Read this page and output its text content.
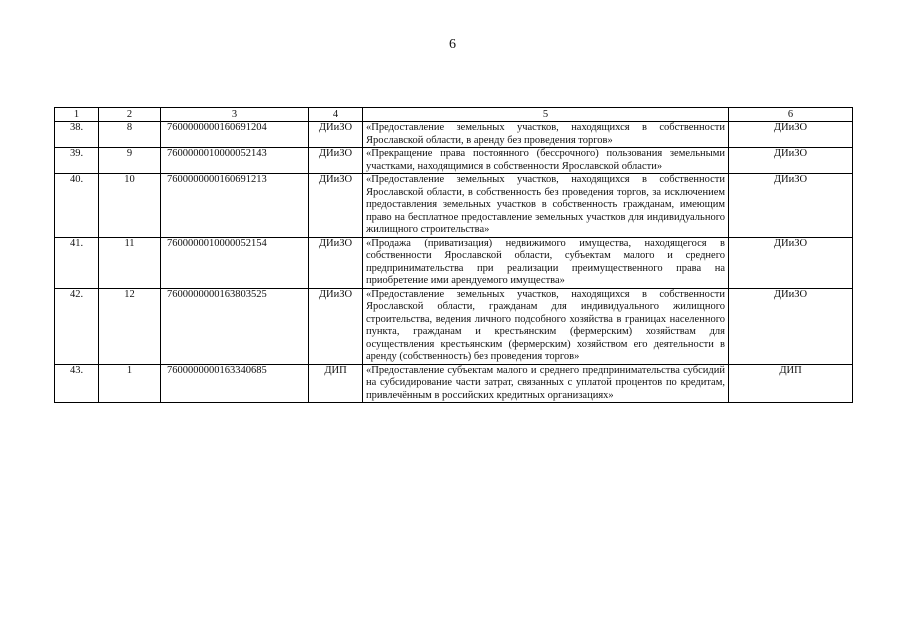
6
1	2	3	4	5	6
38.	8	7600000000160691204	ДИиЗО	«Предоставление земельных участков, находящихся в собственности Ярославской области, в аренду без проведения торгов»	ДИиЗО
39.	9	7600000010000052143	ДИиЗО	«Прекращение права постоянного (бессрочного) пользования земельными участками, находящимися в собственности Ярославской области»	ДИиЗО
40.	10	7600000000160691213	ДИиЗО	«Предоставление земельных участков, находящихся в собственности Ярославской области, в собственность без проведения торгов, за исключением предоставления земельных участков в собственность гражданам, имеющим право на бесплатное предоставление земельных участков для индивидуального жилищного строительства»	ДИиЗО
41.	11	7600000010000052154	ДИиЗО	«Продажа (приватизация) недвижимого имущества, находящегося в собственности Ярославской области, субъектам малого и среднего предпринимательства при реализации преимущественного права на приобретение ими арендуемого имущества»	ДИиЗО
42.	12	7600000000163803525	ДИиЗО	«Предоставление земельных участков, находящихся в собственности Ярославской области, гражданам для индивидуального жилищного строительства, ведения личного подсобного хозяйства в границах населенного пункта, гражданам и крестьянским (фермерским) хозяйствам для осуществления крестьянским (фермерским) хозяйством его деятельности в аренду (собственность) без проведения торгов»	ДИиЗО
43.	1	7600000000163340685	ДИП	«Предоставление субъектам малого и среднего предпринимательства субсидий на субсидирование части затрат, связанных с уплатой процентов по кредитам, привлечённым в российских кредитных организациях»	ДИП
